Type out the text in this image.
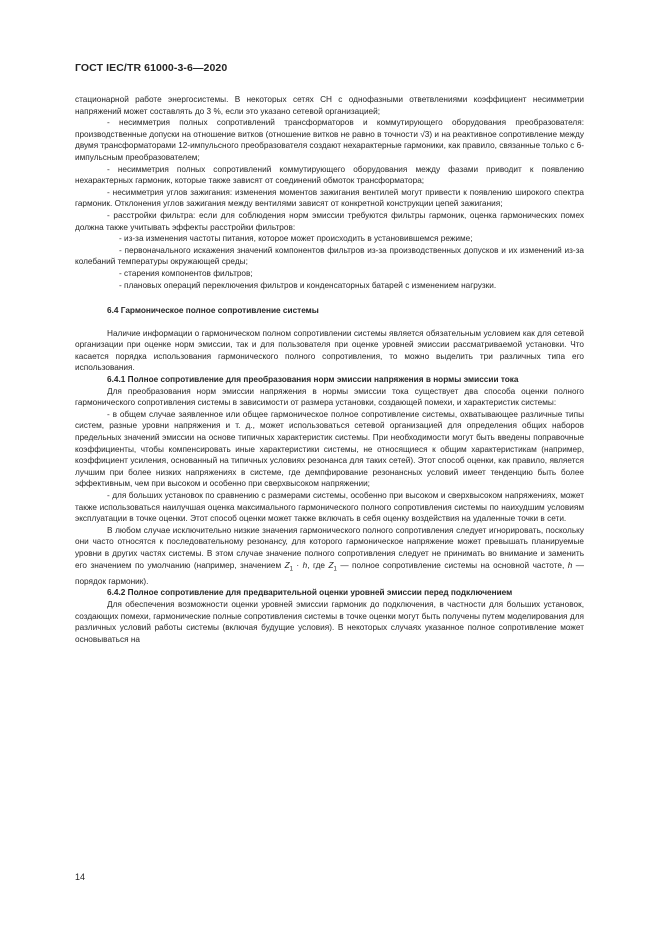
ГОСТ IEC/TR 61000-3-6—2020

стационарной работе энергосистемы. В некоторых сетях СН с однофазными ответвлениями коэффициент несимметрии напряжений может составлять до 3 %, если это указано сетевой организацией;

- несимметрия полных сопротивлений трансформаторов и коммутирующего оборудования преобразователя: производственные допуски на отношение витков (отношение витков не равно в точности √3) и на реактивное сопротивление между двумя трансформаторами 12-импульсного преобразователя создают нехарактерные гармоники, как правило, связанные только с 6-импульсным преобразователем;

- несимметрия полных сопротивлений коммутирующего оборудования между фазами приводит к появлению нехарактерных гармоник, которые также зависят от соединений обмоток трансформатора;

- несимметрия углов зажигания: изменения моментов зажигания вентилей могут привести к появлению широкого спектра гармоник. Отклонения углов зажигания между вентилями зависят от конкретной конструкции цепей зажигания;

- расстройки фильтра: если для соблюдения норм эмиссии требуются фильтры гармоник, оценка гармонических помех должна также учитывать эффекты расстройки фильтров:

- из-за изменения частоты питания, которое может происходить в установившемся режиме;

- первоначального искажения значений компонентов фильтров из-за производственных допусков и их изменений из-за колебаний температуры окружающей среды;

- старения компонентов фильтров;

- плановых операций переключения фильтров и конденсаторных батарей с изменением нагрузки.

6.4 Гармоническое полное сопротивление системы

Наличие информации о гармоническом полном сопротивлении системы является обязательным условием как для сетевой организации при оценке норм эмиссии, так и для пользователя при оценке уровней эмиссии рассматриваемой установки. Что касается порядка использования гармонического полного сопротивления, то можно выделить три различных типа его использования.

6.4.1 Полное сопротивление для преобразования норм эмиссии напряжения в нормы эмиссии тока

Для преобразования норм эмиссии напряжения в нормы эмиссии тока существует два способа оценки полного гармонического сопротивления системы в зависимости от размера установки, создающей помехи, и характеристик системы:

- в общем случае заявленное или общее гармоническое полное сопротивление системы, охватывающее различные типы систем, разные уровни напряжения и т. д., может использоваться сетевой организацией для определения общих наборов предельных значений эмиссии на основе типичных характеристик системы. При необходимости могут быть введены поправочные коэффициенты, чтобы компенсировать иные характеристики системы, не относящиеся к общим характеристикам (например, коэффициент усиления, основанный на типичных условиях резонанса для таких сетей). Этот способ оценки, как правило, является лучшим при более низких напряжениях в системе, где демпфирование резонансных условий имеет тенденцию быть более эффективным, чем при высоком и особенно при сверхвысоком напряжении;

- для больших установок по сравнению с размерами системы, особенно при высоком и сверхвысоком напряжениях, может также использоваться наилучшая оценка максимального гармонического полного сопротивления системы по наихудшим условиям эксплуатации в точке оценки. Этот способ оценки может также включать в себя оценку воздействия на удаленные точки в сети.

В любом случае исключительно низкие значения гармонического полного сопротивления следует игнорировать, поскольку они часто относятся к последовательному резонансу, для которого гармоническое напряжение может превышать планируемые уровни в других частях системы. В этом случае значение полного сопротивления следует не принимать во внимание и заменить его значением по умолчанию (например, значением $Z_1 \cdot h$, где $Z_1$ — полное сопротивление системы на основной частоте, h — порядок гармоник).

6.4.2 Полное сопротивление для предварительной оценки уровней эмиссии перед подключением

Для обеспечения возможности оценки уровней эмиссии гармоник до подключения, в частности для больших установок, создающих помехи, гармонические полные сопротивления системы в точке оценки могут быть получены путем моделирования для различных условий работы системы (включая будущие условия). В некоторых случаях указанное полное сопротивление может основываться на

14
